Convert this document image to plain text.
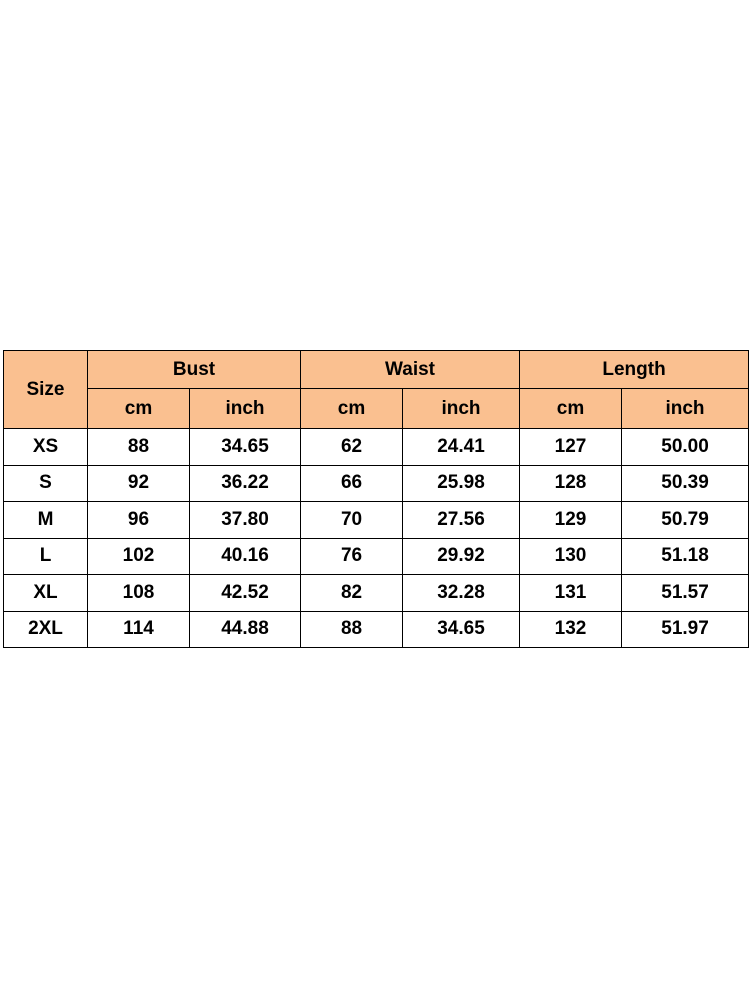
Size	Bust		Waist		Length	
	cm	inch	cm	inch	cm	inch
XS	88	34.65	62	24.41	127	50.00
S	92	36.22	66	25.98	128	50.39
M	96	37.80	70	27.56	129	50.79
L	102	40.16	76	29.92	130	51.18
XL	108	42.52	82	32.28	131	51.57
2XL	114	44.88	88	34.65	132	51.97
